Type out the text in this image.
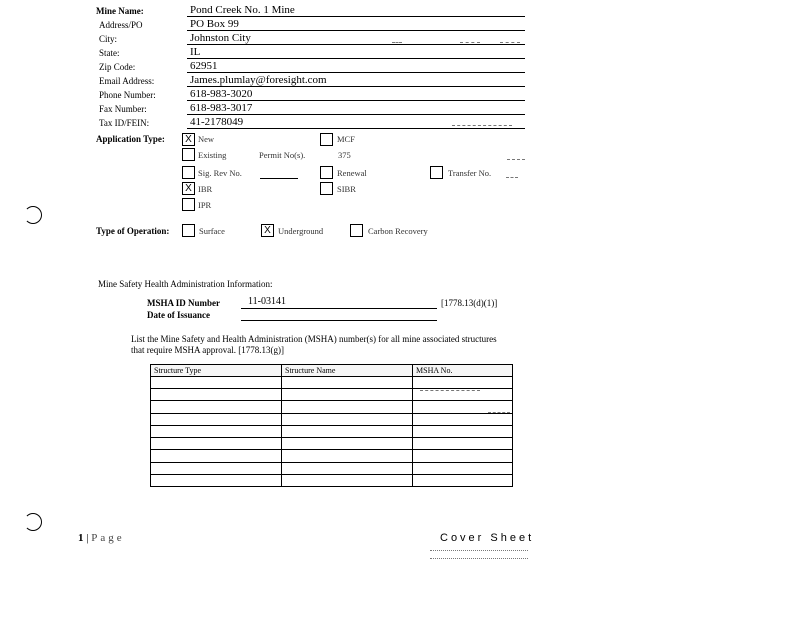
Mine Name:	Pond Creek No. 1 Mine
Address/PO	PO Box 99
City:	Johnston City
State:	IL
Zip Code:	62951
Email Address:	James.plumlay@foresight.com
Phone Number:	618-983-3020
Fax Number:	618-983-3017
Tax ID/FEIN:	41-2178049
Application Type:	X New	MCF
Existing	Permit No(s).	375
Sig. Rev No.	Renewal	Transfer No.
X IBR	SIBR
IPR
Type of Operation:	Surface	X Underground	Carbon Recovery
Mine Safety Health Administration Information:
MSHA ID Number	11-03141	[1778.13(d)(1)]
Date of Issuance
List the Mine Safety and Health Administration (MSHA) number(s) for all mine associated structures
that require MSHA approval. [1778.13(g)]
Structure Type	Structure Name	MSHA No.

1 | Page	Cover Sheet
